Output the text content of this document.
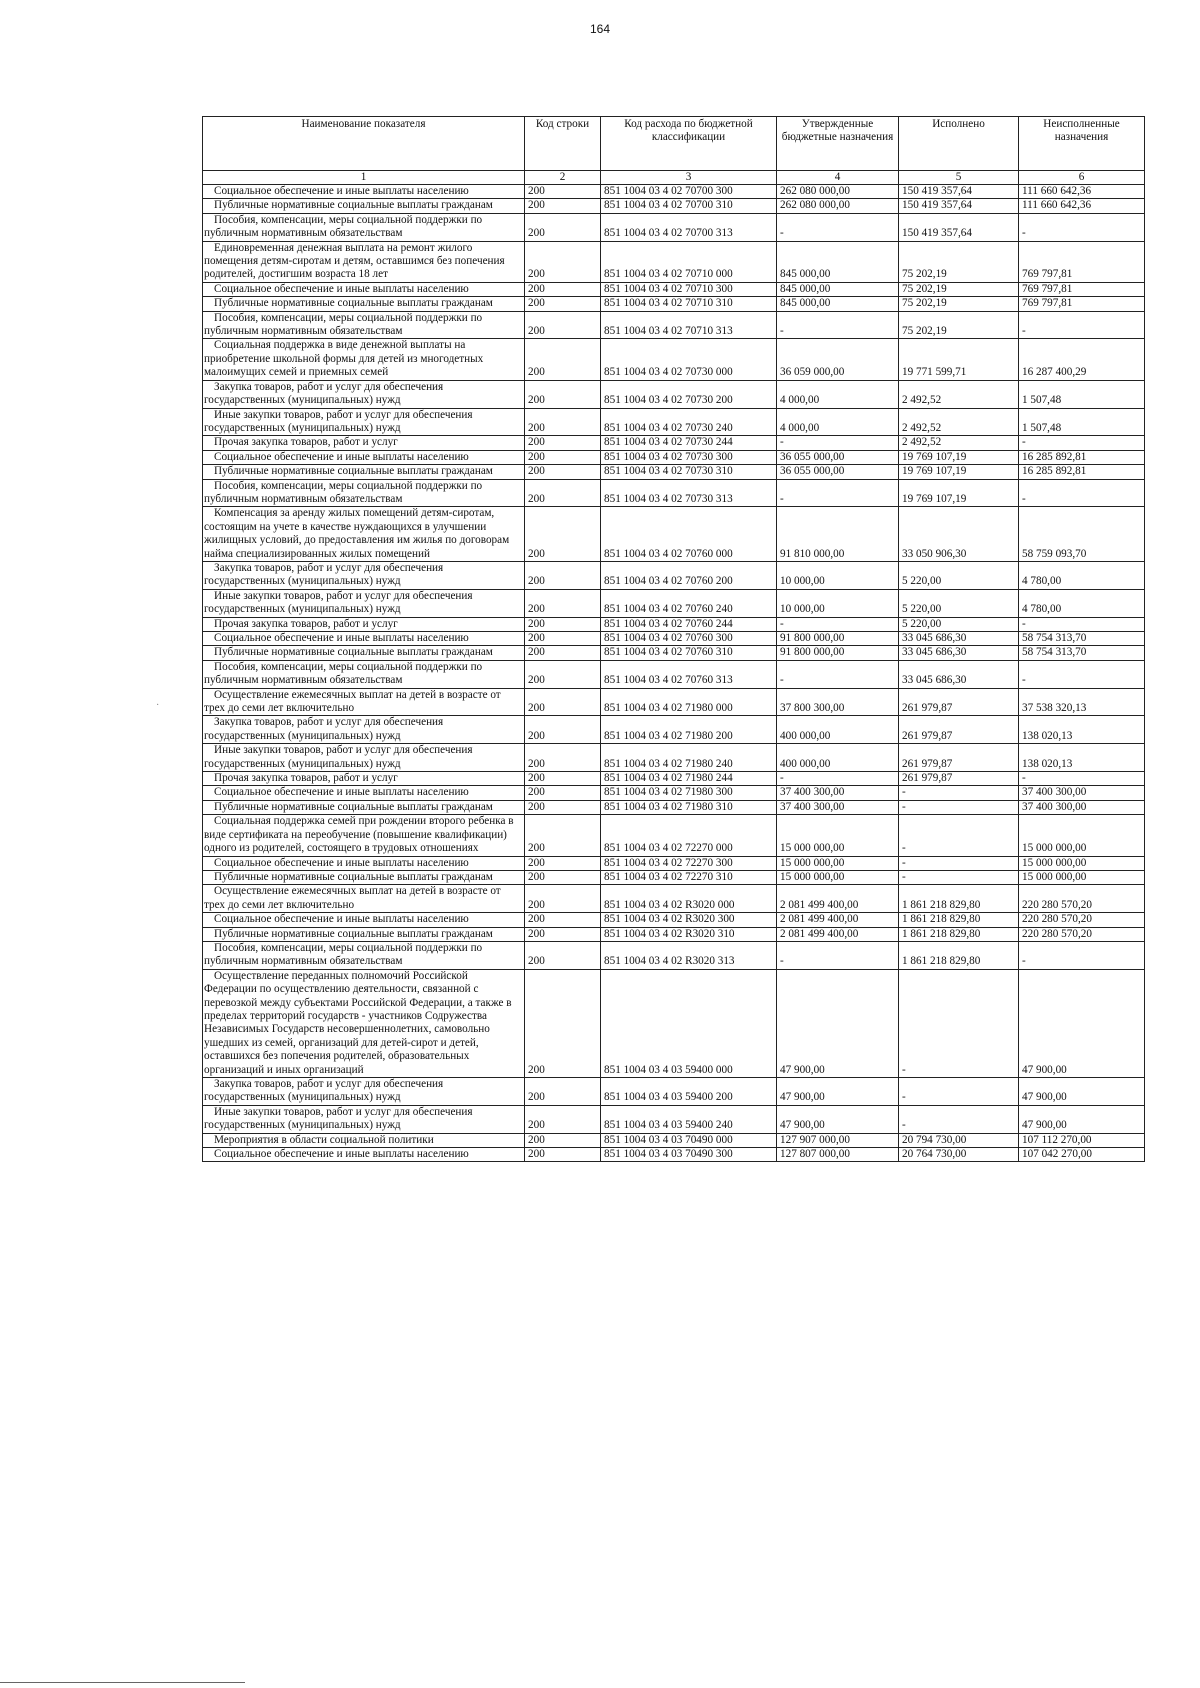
164
Наименование показателя	Код строки	Код расхода по бюджетной классификации	Утвержденные бюджетные назначения	Исполнено	Неисполненные назначения
1	2	3	4	5	6

Социальное обеспечение и иные выплаты населению	200	851 1004 03 4 02 70700 300	262 080 000,00	150 419 357,64	111 660 642,36

Публичные нормативные социальные выплаты гражданам	200	851 1004 03 4 02 70700 310	262 080 000,00	150 419 357,64	111 660 642,36

Пособия, компенсации, меры социальной поддержки по публичным нормативным обязательствам	200	851 1004 03 4 02 70700 313	-	150 419 357,64	-

Единовременная денежная выплата на ремонт жилого помещения детям-сиротам и детям, оставшимся без попечения родителей, достигшим возраста 18 лет	200	851 1004 03 4 02 70710 000	845 000,00	75 202,19	769 797,81

Социальное обеспечение и иные выплаты населению	200	851 1004 03 4 02 70710 300	845 000,00	75 202,19	769 797,81

Публичные нормативные социальные выплаты гражданам	200	851 1004 03 4 02 70710 310	845 000,00	75 202,19	769 797,81

Пособия, компенсации, меры социальной поддержки по публичным нормативным обязательствам	200	851 1004 03 4 02 70710 313	-	75 202,19	-

Социальная поддержка в виде денежной выплаты на приобретение школьной формы для детей из многодетных малоимущих семей и приемных семей	200	851 1004 03 4 02 70730 000	36 059 000,00	19 771 599,71	16 287 400,29

Закупка товаров, работ и услуг для обеспечения государственных (муниципальных) нужд	200	851 1004 03 4 02 70730 200	4 000,00	2 492,52	1 507,48

Иные закупки товаров, работ и услуг для обеспечения государственных (муниципальных) нужд	200	851 1004 03 4 02 70730 240	4 000,00	2 492,52	1 507,48

Прочая закупка товаров, работ и услуг	200	851 1004 03 4 02 70730 244	-	2 492,52	-

Социальное обеспечение и иные выплаты населению	200	851 1004 03 4 02 70730 300	36 055 000,00	19 769 107,19	16 285 892,81

Публичные нормативные социальные выплаты гражданам	200	851 1004 03 4 02 70730 310	36 055 000,00	19 769 107,19	16 285 892,81

Пособия, компенсации, меры социальной поддержки по публичным нормативным обязательствам	200	851 1004 03 4 02 70730 313	-	19 769 107,19	-

Компенсация за аренду жилых помещений детям-сиротам, состоящим на учете в качестве нуждающихся в улучшении жилищных условий, до предоставления им жилья по договорам найма специализированных жилых помещений	200	851 1004 03 4 02 70760 000	91 810 000,00	33 050 906,30	58 759 093,70

Закупка товаров, работ и услуг для обеспечения государственных (муниципальных) нужд	200	851 1004 03 4 02 70760 200	10 000,00	5 220,00	4 780,00

Иные закупки товаров, работ и услуг для обеспечения государственных (муниципальных) нужд	200	851 1004 03 4 02 70760 240	10 000,00	5 220,00	4 780,00

Прочая закупка товаров, работ и услуг	200	851 1004 03 4 02 70760 244	-	5 220,00	-

Социальное обеспечение и иные выплаты населению	200	851 1004 03 4 02 70760 300	91 800 000,00	33 045 686,30	58 754 313,70

Публичные нормативные социальные выплаты гражданам	200	851 1004 03 4 02 70760 310	91 800 000,00	33 045 686,30	58 754 313,70

Пособия, компенсации, меры социальной поддержки по публичным нормативным обязательствам	200	851 1004 03 4 02 70760 313	-	33 045 686,30	-

Осуществление ежемесячных выплат на детей в возрасте от трех до семи лет включительно	200	851 1004 03 4 02 71980 000	37 800 300,00	261 979,87	37 538 320,13

Закупка товаров, работ и услуг для обеспечения государственных (муниципальных) нужд	200	851 1004 03 4 02 71980 200	400 000,00	261 979,87	138 020,13

Иные закупки товаров, работ и услуг для обеспечения государственных (муниципальных) нужд	200	851 1004 03 4 02 71980 240	400 000,00	261 979,87	138 020,13

Прочая закупка товаров, работ и услуг	200	851 1004 03 4 02 71980 244	-	261 979,87	-

Социальное обеспечение и иные выплаты населению	200	851 1004 03 4 02 71980 300	37 400 300,00	-	37 400 300,00

Публичные нормативные социальные выплаты гражданам	200	851 1004 03 4 02 71980 310	37 400 300,00	-	37 400 300,00

Социальная поддержка семей при рождении второго ребенка в виде сертификата на переобучение (повышение квалификации) одного из родителей, состоящего в трудовых отношениях	200	851 1004 03 4 02 72270 000	15 000 000,00	-	15 000 000,00

Социальное обеспечение и иные выплаты населению	200	851 1004 03 4 02 72270 300	15 000 000,00	-	15 000 000,00

Публичные нормативные социальные выплаты гражданам	200	851 1004 03 4 02 72270 310	15 000 000,00	-	15 000 000,00

Осуществление ежемесячных выплат на детей в возрасте от трех до семи лет включительно	200	851 1004 03 4 02 R3020 000	2 081 499 400,00	1 861 218 829,80	220 280 570,20

Социальное обеспечение и иные выплаты населению	200	851 1004 03 4 02 R3020 300	2 081 499 400,00	1 861 218 829,80	220 280 570,20

Публичные нормативные социальные выплаты гражданам	200	851 1004 03 4 02 R3020 310	2 081 499 400,00	1 861 218 829,80	220 280 570,20

Пособия, компенсации, меры социальной поддержки по публичным нормативным обязательствам	200	851 1004 03 4 02 R3020 313	-	1 861 218 829,80	-

Осуществление переданных полномочий Российской Федерации по осуществлению деятельности, связанной с перевозкой между субъектами Российской Федерации, а также в пределах территорий государств - участников Содружества Независимых Государств несовершеннолетних, самовольно ушедших из семей, организаций для детей-сирот и детей, оставшихся без попечения родителей, образовательных организаций и иных организаций	200	851 1004 03 4 03 59400 000	47 900,00	-	47 900,00

Закупка товаров, работ и услуг для обеспечения государственных (муниципальных) нужд	200	851 1004 03 4 03 59400 200	47 900,00	-	47 900,00

Иные закупки товаров, работ и услуг для обеспечения государственных (муниципальных) нужд	200	851 1004 03 4 03 59400 240	47 900,00	-	47 900,00

Мероприятия в области социальной политики	200	851 1004 03 4 03 70490 000	127 907 000,00	20 794 730,00	107 112 270,00

Социальное обеспечение и иные выплаты населению	200	851 1004 03 4 03 70490 300	127 807 000,00	20 764 730,00	107 042 270,00
·
